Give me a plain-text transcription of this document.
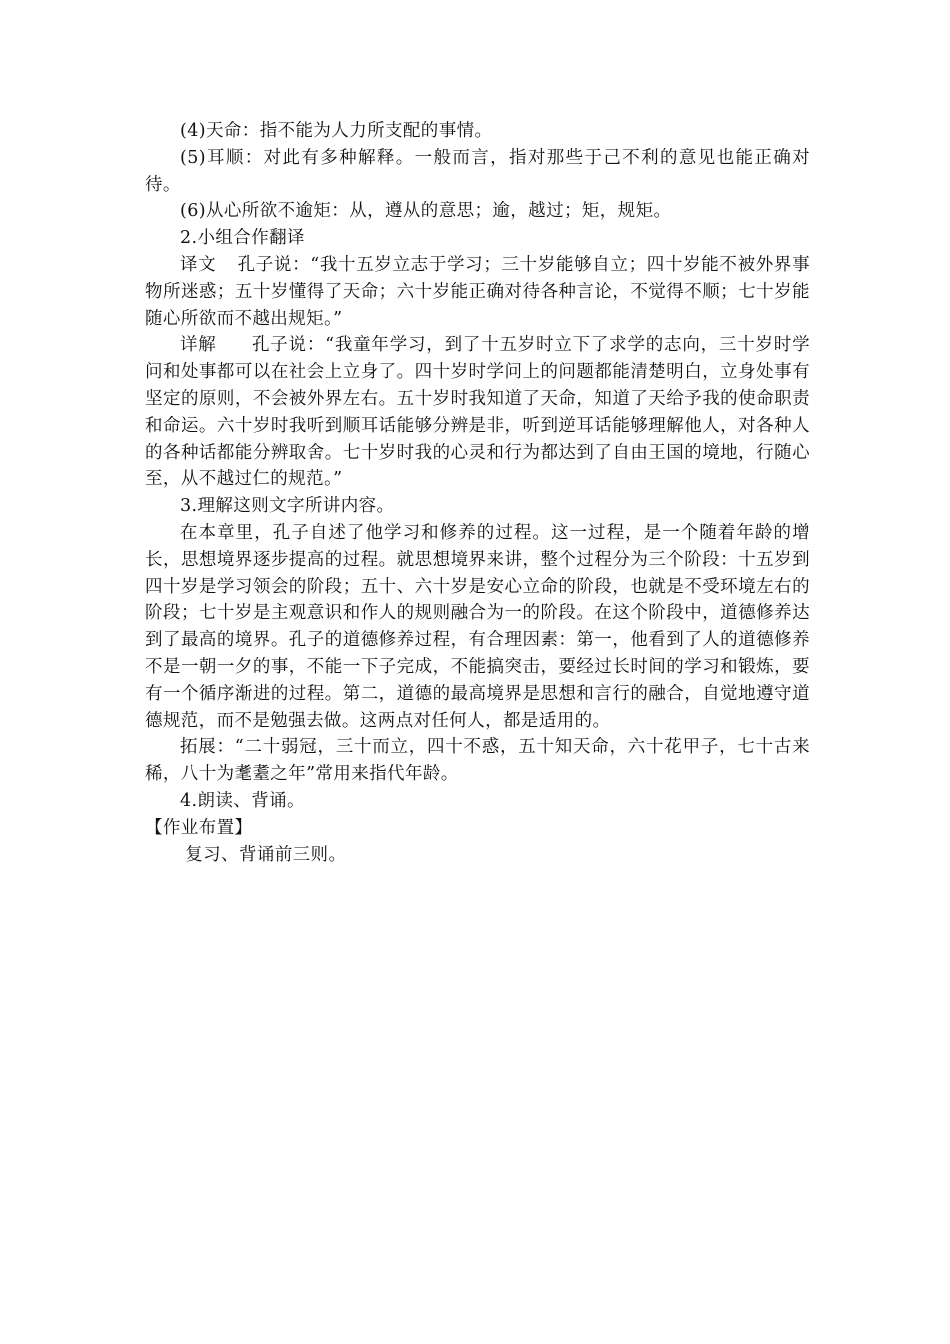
(4)天命：指不能为人力所支配的事情。

(5)耳顺：对此有多种解释。一般而言，指对那些于己不利的意见也能正确对待。

(6)从心所欲不逾矩：从，遵从的意思；逾，越过；矩，规矩。

2.小组合作翻译

译文 孔子说：“我十五岁立志于学习；三十岁能够自立；四十岁能不被外界事物所迷惑；五十岁懂得了天命；六十岁能正确对待各种言论，不觉得不顺；七十岁能随心所欲而不越出规矩。”

详解 孔子说：“我童年学习，到了十五岁时立下了求学的志向，三十岁时学问和处事都可以在社会上立身了。四十岁时学问上的问题都能清楚明白，立身处事有坚定的原则，不会被外界左右。五十岁时我知道了天命，知道了天给予我的使命职责和命运。六十岁时我听到顺耳话能够分辨是非，听到逆耳话能够理解他人，对各种人的各种话都能分辨取舍。七十岁时我的心灵和行为都达到了自由王国的境地，行随心至，从不越过仁的规范。”

3.理解这则文字所讲内容。

在本章里，孔子自述了他学习和修养的过程。这一过程，是一个随着年龄的增长，思想境界逐步提高的过程。就思想境界来讲，整个过程分为三个阶段：十五岁到四十岁是学习领会的阶段；五十、六十岁是安心立命的阶段，也就是不受环境左右的阶段；七十岁是主观意识和作人的规则融合为一的阶段。在这个阶段中，道德修养达到了最高的境界。孔子的道德修养过程，有合理因素：第一，他看到了人的道德修养不是一朝一夕的事，不能一下子完成，不能搞突击，要经过长时间的学习和锻炼，要有一个循序渐进的过程。第二，道德的最高境界是思想和言行的融合，自觉地遵守道德规范，而不是勉强去做。这两点对任何人，都是适用的。

拓展：“二十弱冠，三十而立，四十不惑，五十知天命，六十花甲子，七十古来稀，八十为耄耋之年”常用来指代年龄。

4.朗读、背诵。

【作业布置】

复习、背诵前三则。
